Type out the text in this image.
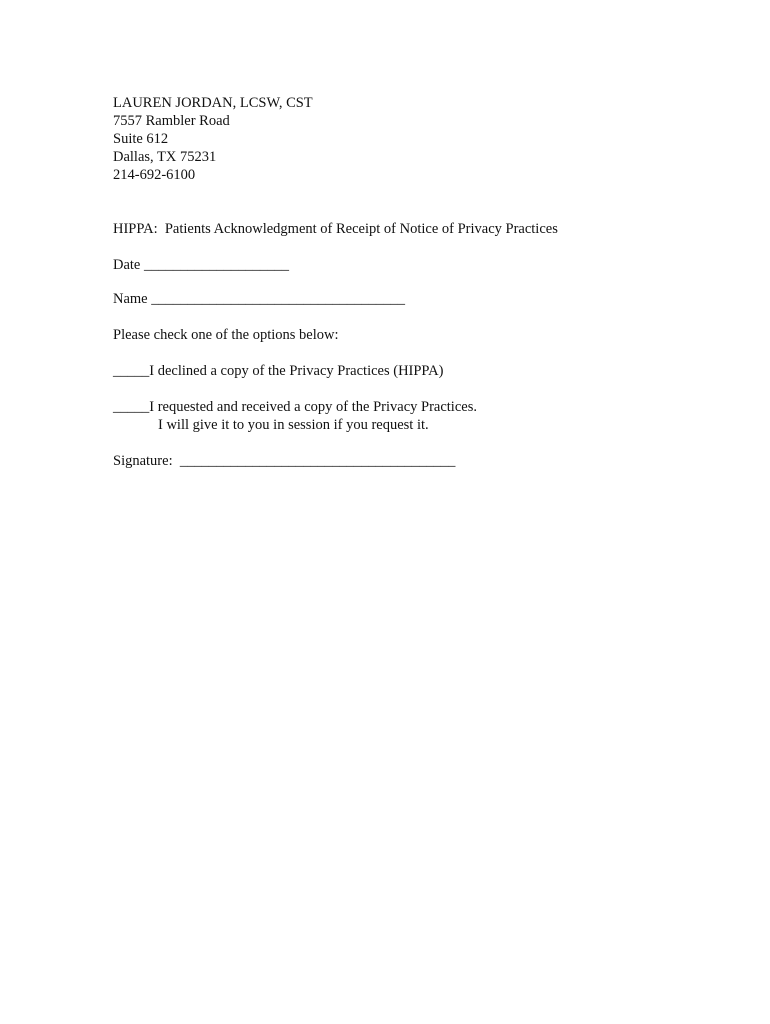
LAUREN JORDAN, LCSW, CST
7557 Rambler Road
Suite 612
Dallas, TX 75231
214-692-6100
HIPPA:  Patients Acknowledgment of Receipt of Notice of Privacy Practices
Date ____________________
Name ___________________________________
Please check one of the options below:
_____I declined a copy of the Privacy Practices (HIPPA)
_____I requested and received a copy of the Privacy Practices.
I will give it to you in session if you request it.
Signature:  ______________________________________
